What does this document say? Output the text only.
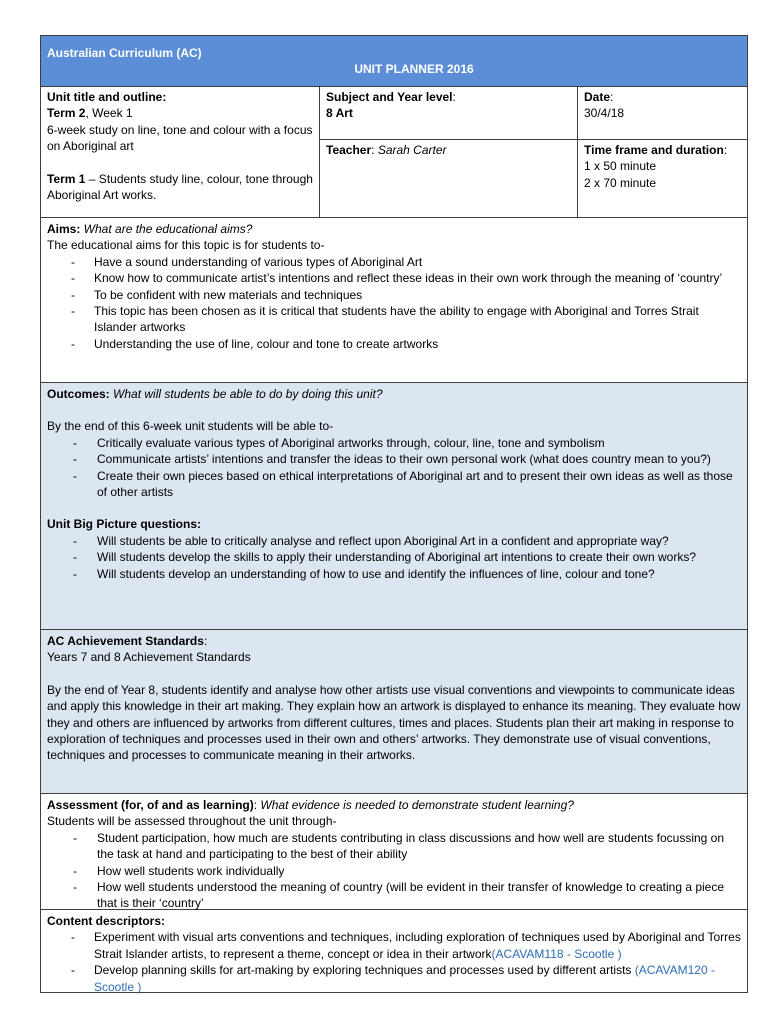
Australian Curriculum (AC)
UNIT PLANNER 2016
Unit title and outline:
Term 2, Week 1
6-week study on line, tone and colour with a focus on Aboriginal art
Term 1 – Students study line, colour, tone through Aboriginal Art works.
Subject and Year level:
8 Art
Teacher: Sarah Carter
Date:
30/4/18
Time frame and duration:
1 x 50 minute
2 x 70 minute
Aims: What are the educational aims?
The educational aims for this topic is for students to-
- Have a sound understanding of various types of Aboriginal Art
- Know how to communicate artist’s intentions and reflect these ideas in their own work through the meaning of ‘country’
- To be confident with new materials and techniques
- This topic has been chosen as it is critical that students have the ability to engage with Aboriginal and Torres Strait Islander artworks
- Understanding the use of line, colour and tone to create artworks
Outcomes: What will students be able to do by doing this unit?
By the end of this 6-week unit students will be able to-
- Critically evaluate various types of Aboriginal artworks through, colour, line, tone and symbolism
- Communicate artists’ intentions and transfer the ideas to their own personal work (what does country mean to you?)
- Create their own pieces based on ethical interpretations of Aboriginal art and to present their own ideas as well as those of other artists
Unit Big Picture questions:
- Will students be able to critically analyse and reflect upon Aboriginal Art in a confident and appropriate way?
- Will students develop the skills to apply their understanding of Aboriginal art intentions to create their own works?
- Will students develop an understanding of how to use and identify the influences of line, colour and tone?
AC Achievement Standards:
Years 7 and 8 Achievement Standards
By the end of Year 8, students identify and analyse how other artists use visual conventions and viewpoints to communicate ideas and apply this knowledge in their art making. They explain how an artwork is displayed to enhance its meaning. They evaluate how they and others are influenced by artworks from different cultures, times and places. Students plan their art making in response to exploration of techniques and processes used in their own and others’ artworks. They demonstrate use of visual conventions, techniques and processes to communicate meaning in their artworks.
Assessment (for, of and as learning): What evidence is needed to demonstrate student learning?
Students will be assessed throughout the unit through-
- Student participation, how much are students contributing in class discussions and how well are students focussing on the task at hand and participating to the best of their ability
- How well students work individually
- How well students understood the meaning of country (will be evident in their transfer of knowledge to creating a piece that is their ‘country’
Content descriptors:
- Experiment with visual arts conventions and techniques, including exploration of techniques used by Aboriginal and Torres Strait Islander artists, to represent a theme, concept or idea in their artwork(ACAVAM118 - Scootle )
- Develop planning skills for art-making by exploring techniques and processes used by different artists (ACAVAM120 - Scootle )
